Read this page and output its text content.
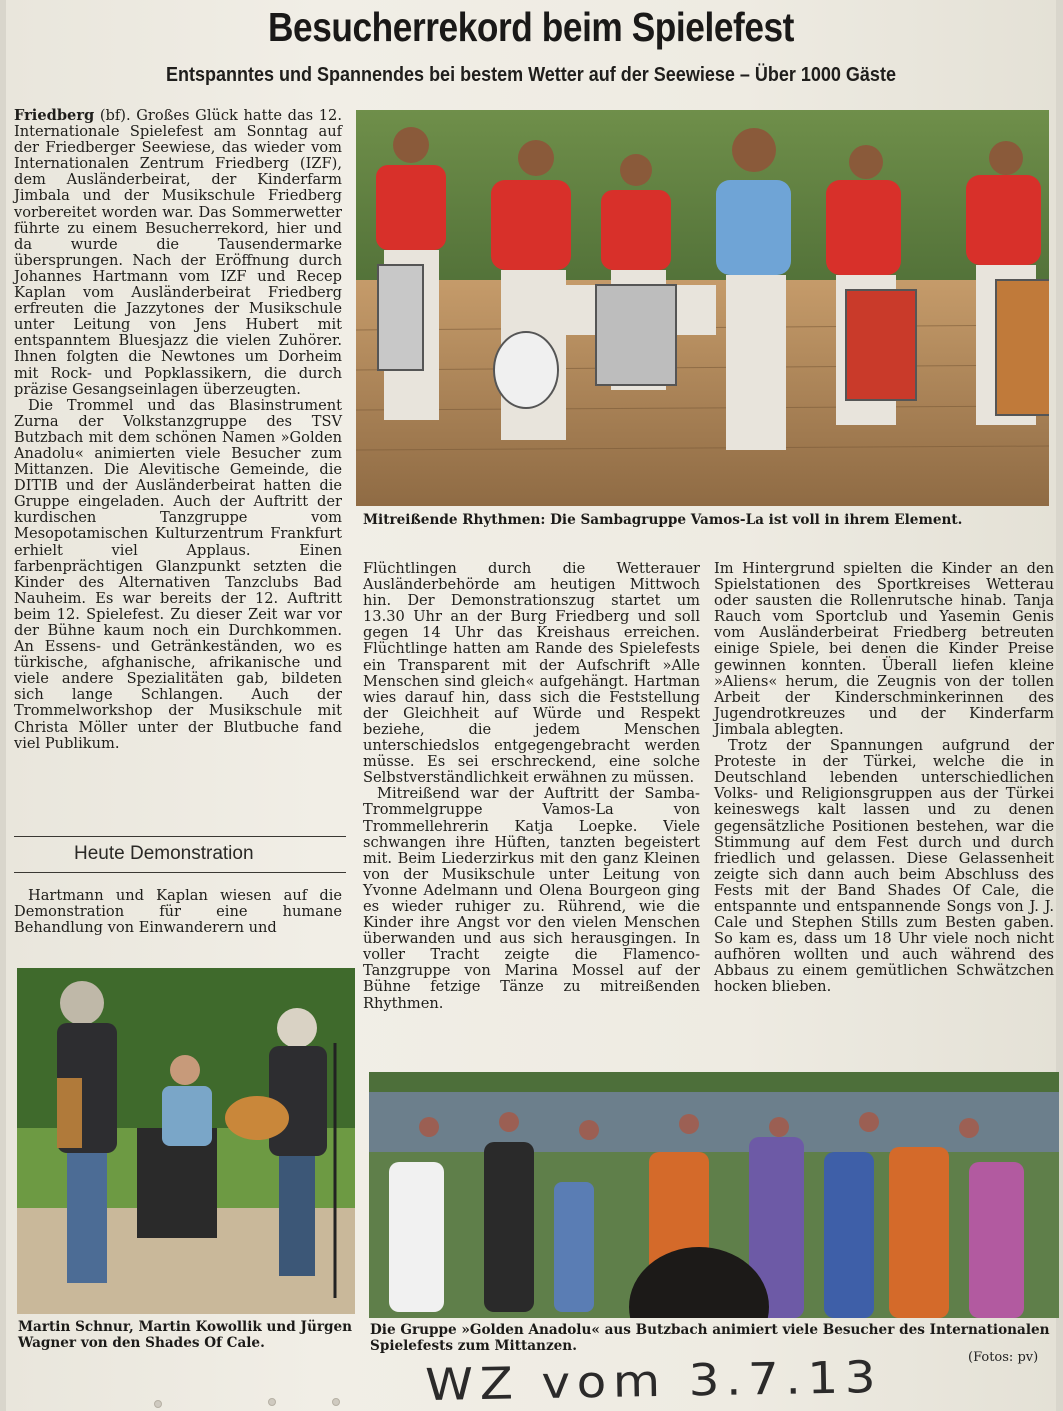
Besucherrekord beim Spielefest
Entspanntes und Spannendes bei bestem Wetter auf der Seewiese – Über 1000 Gäste

Friedberg (bf). Großes Glück hatte das 12. Internationale Spielefest am Sonntag auf der Friedberger Seewiese, das wieder vom Internationalen Zentrum Friedberg (IZF), dem Ausländerbeirat, der Kinderfarm Jimbala und der Musikschule Friedberg vorbereitet worden war. Das Sommerwetter führte zu einem Besucherrekord, hier und da wurde die Tausendermarke übersprungen. Nach der Eröffnung durch Johannes Hartmann vom IZF und Recep Kaplan vom Ausländerbeirat Friedberg erfreuten die Jazzytones der Musikschule unter Leitung von Jens Hubert mit entspanntem Bluesjazz die vielen Zuhörer. Ihnen folgten die Newtones um Dorheim mit Rock- und Popklassikern, die durch präzise Gesangseinlagen überzeugten.

Die Trommel und das Blasinstrument Zurna der Volkstanzgruppe des TSV Butzbach mit dem schönen Namen »Golden Anadolu« animierten viele Besucher zum Mittanzen. Die Alevitische Gemeinde, die DITIB und der Ausländerbeirat hatten die Gruppe eingeladen. Auch der Auftritt der kurdischen Tanzgruppe vom Mesopotamischen Kulturzentrum Frankfurt erhielt viel Applaus. Einen farbenprächtigen Glanzpunkt setzten die Kinder des Alternativen Tanzclubs Bad Nauheim. Es war bereits der 12. Auftritt beim 12. Spielefest. Zu dieser Zeit war vor der Bühne kaum noch ein Durchkommen. An Essens- und Getränkeständen, wo es türkische, afghanische, afrikanische und viele andere Spezialitäten gab, bildeten sich lange Schlangen. Auch der Trommelworkshop der Musikschule mit Christa Möller unter der Blutbuche fand viel Publikum.

Heute Demonstration

Hartmann und Kaplan wiesen auf die Demonstration für eine humane Behandlung von Einwanderern und

Mitreißende Rhythmen: Die Sambagruppe Vamos-La ist voll in ihrem Element.

Flüchtlingen durch die Wetterauer Ausländerbehörde am heutigen Mittwoch hin. Der Demonstrationszug startet um 13.30 Uhr an der Burg Friedberg und soll gegen 14 Uhr das Kreishaus erreichen. Flüchtlinge hatten am Rande des Spielefests ein Transparent mit der Aufschrift »Alle Menschen sind gleich« aufgehängt. Hartman wies darauf hin, dass sich die Feststellung der Gleichheit auf Würde und Respekt beziehe, die jedem Menschen unterschiedslos entgegengebracht werden müsse. Es sei erschreckend, eine solche Selbstverständlichkeit erwähnen zu müssen.

Mitreißend war der Auftritt der Samba-Trommelgruppe Vamos-La von Trommellehrerin Katja Loepke. Viele schwangen ihre Hüften, tanzten begeistert mit. Beim Liederzirkus mit den ganz Kleinen von der Musikschule unter Leitung von Yvonne Adelmann und Olena Bourgeon ging es wieder ruhiger zu. Rührend, wie die Kinder ihre Angst vor den vielen Menschen überwanden und aus sich herausgingen. In voller Tracht zeigte die Flamenco-Tanzgruppe von Marina Mossel auf der Bühne fetzige Tänze zu mitreißenden Rhythmen.

Im Hintergrund spielten die Kinder an den Spielstationen des Sportkreises Wetterau oder sausten die Rollenrutsche hinab. Tanja Rauch vom Sportclub und Yasemin Genis vom Ausländerbeirat Friedberg betreuten einige Spiele, bei denen die Kinder Preise gewinnen konnten. Überall liefen kleine »Aliens« herum, die Zeugnis von der tollen Arbeit der Kinderschminkerinnen des Jugendrotkreuzes und der Kinderfarm Jimbala ablegten.

Trotz der Spannungen aufgrund der Proteste in der Türkei, welche die in Deutschland lebenden unterschiedlichen Volks- und Religionsgruppen aus der Türkei keineswegs kalt lassen und zu denen gegensätzliche Positionen bestehen, war die Stimmung auf dem Fest durch und durch friedlich und gelassen. Diese Gelassenheit zeigte sich dann auch beim Abschluss des Fests mit der Band Shades Of Cale, die entspannte und entspannende Songs von J. J. Cale und Stephen Stills zum Besten gaben. So kam es, dass um 18 Uhr viele noch nicht aufhören wollten und auch während des Abbaus zu einem gemütlichen Schwätzchen hocken blieben.

Martin Schnur, Martin Kowollik und Jürgen Wagner von den Shades Of Cale.
Die Gruppe »Golden Anadolu« aus Butzbach animiert viele Besucher des Internationalen Spielefests zum Mittanzen.
(Fotos: pv)
WZ vom 3.7.13
